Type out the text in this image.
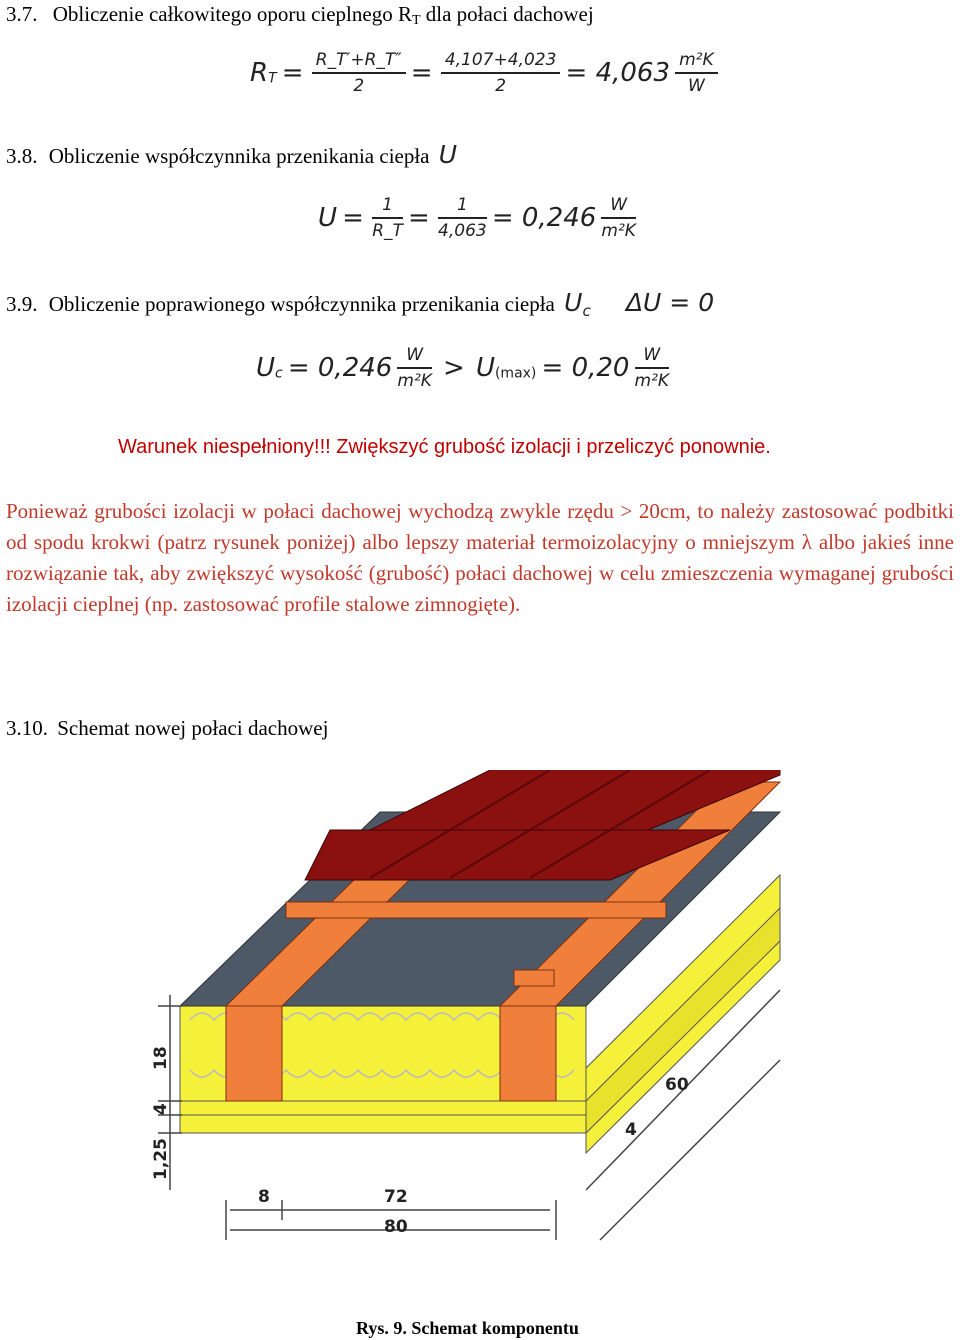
3.7. Obliczenie całkowitego oporu cieplnego RT dla połaci dachowej
RT = $\frac{R\_T'+R\_T''}{2} = \frac{4,107+4,023}{2} = 4,063 \frac{\text{m²K}}{W}$
3.8. Obliczenie współczynnika przenikania ciepła U
$U = \frac{1}{R\_T} = \frac{1}{4,063} = 0,246 \frac{W}{\text{m²K}}$
3.9. Obliczenie poprawionego współczynnika przenikania ciepła $U_c$ ΔU = 0
$Uc = 0,246 \frac{W}{\text{m²K}} > U(\max) = 0,20 \frac{W}{\text{m²K}}$
Warunek niespełniony!!! Zwiększyć grubość izolacji i przeliczyć ponownie.
Ponieważ grubości izolacji w połaci dachowej wychodzą zwykle rzędu > 20cm, to należy zastosować podbitki od spodu krokwi (patrz rysunek poniżej) albo lepszy materiał termoizolacyjny o mniejszym λ albo jakieś inne rozwiązanie tak, aby zwiększyć wysokość (grubość) połaci dachowej w celu zmieszczenia wymaganej grubości izolacji cieplnej (np. zastosować profile stalowe zimnogięte).
3.10. Schemat nowej połaci dachowej
18
4
1,25
60
4
8	72
80
Rys. 9. Schemat komponentu
